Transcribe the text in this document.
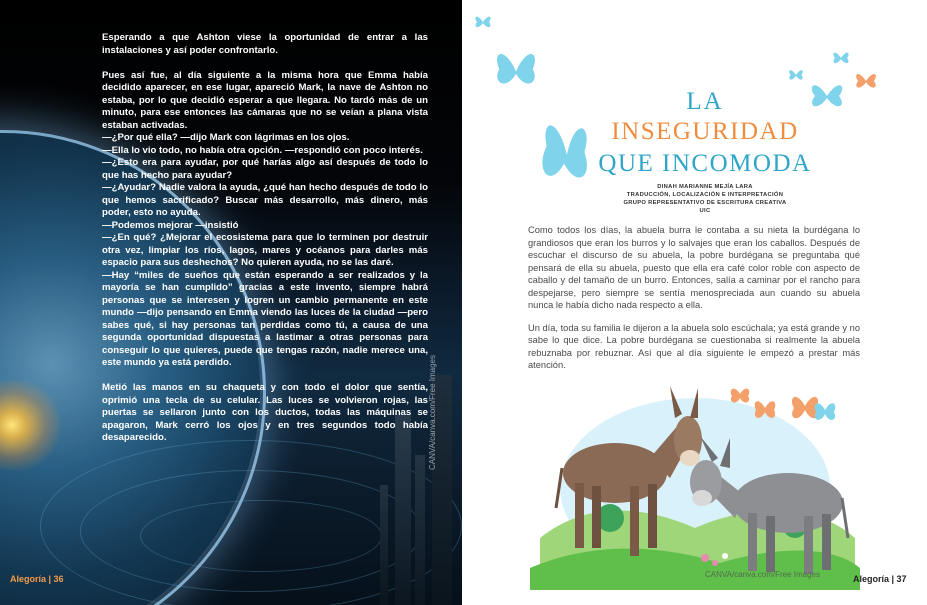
Esperando a que Ashton viese la oportunidad de entrar a las instalaciones y así poder confrontarlo.

Pues así fue, al día siguiente a la misma hora que Emma había decidido aparecer, en ese lugar, apareció Mark, la nave de Ashton no estaba, por lo que decidió esperar a que llegara. No tardó más de un minuto, para ese entonces las cámaras que no se veían a plana vista estaban activadas.

—¿Por qué ella? —dijo Mark con lágrimas en los ojos.

—Ella lo vio todo, no había otra opción. —respondió con poco interés.

—¿Esto era para ayudar, por qué harías algo así después de todo lo que has hecho para ayudar?

—¿Ayudar? Nadie valora la ayuda, ¿qué han hecho después de todo lo que hemos sacrificado? Buscar más desarrollo, más dinero, más poder, esto no ayuda.

—Podemos mejorar —insistió

—¿En qué? ¿Mejorar el ecosistema para que lo terminen por destruir otra vez, limpiar los ríos, lagos, mares y océanos para darles más espacio para sus deshechos? No quieren ayuda, no se las daré.

—Hay “miles de sueños que están esperando a ser realizados y la mayoría se han cumplido” gracias a este invento, siempre habrá personas que se interesen y logren un cambio permanente en este mundo —dijo pensando en Emma viendo las luces de la ciudad —pero sabes qué, si hay personas tan perdidas como tú, a causa de una segunda oportunidad dispuestas a lastimar a otras personas para conseguir lo que quieres, puede que tengas razón, nadie merece una, este mundo ya está perdido.

Metió las manos en su chaqueta y con todo el dolor que sentía, oprimió una tecla de su celular. Las luces se volvieron rojas, las puertas se sellaron junto con los ductos, todas las máquinas se apagaron, Mark cerró los ojos y en tres segundos todo había desaparecido.	CANVA/canva.com/Free Images
Alegoría | 36
LA
INSEGURIDAD
QUE INCOMODA
DINAH MARIANNE MEJÍA LARA
TRADUCCIÓN, LOCALIZACIÓN E INTERPRETACIÓN
GRUPO REPRESENTATIVO DE ESCRITURA CREATIVA UIC

Como todos los días, la abuela burra le contaba a su nieta la burdégana lo grandiosos que eran los burros y lo salvajes que eran los caballos. Después de escuchar el discurso de su abuela, la pobre burdégana se preguntaba qué pensará de ella su abuela, puesto que ella era café color roble con aspecto de caballo y del tamaño de un burro. Entonces, salía a caminar por el rancho para despejarse, pero siempre se sentía menospreciada aun cuando su abuela nunca le había dicho nada respecto a ella.

Un día, toda su familia le dijeron a la abuela solo escúchala; ya está grande y no sabe lo que dice. La pobre burdégana se cuestionaba si realmente la abuela rebuznaba por rebuznar. Así que al día siguiente le empezó a prestar más atención.

CANVA/canva.com/Free Images	Alegoría | 37
